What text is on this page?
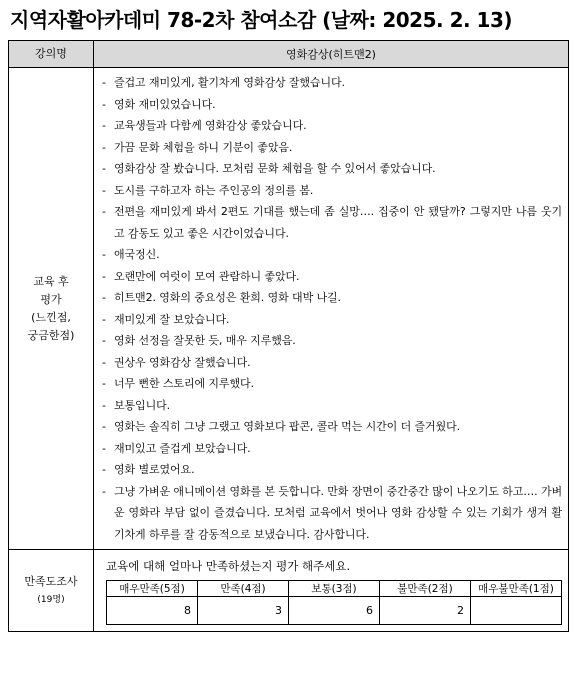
지역자활아카데미 78-2차 참여소감 (날짜: 2025. 2. 13)
강의명	영화감상(히트맨2)

교육 후
평가
(느낀점,
궁금한점)

- 즐겁고 재미있게, 활기차게 영화감상 잘했습니다.
- 영화 재미있었습니다.
- 교육생들과 다함께 영화감상 좋았습니다.
- 가끔 문화 체험을 하니 기분이 좋았음.
- 영화감상 잘 봤습니다. 모처럼 문화 체험을 할 수 있어서 좋았습니다.
- 도시를 구하고자 하는 주인공의 정의를 봄.
- 전편을 재미있게 봐서 2편도 기대를 했는데 좀 실망…. 집중이 안 됐달까? 그렇지만 나름 웃기고 감동도 있고 좋은 시간이었습니다.
- 애국정신.
- 오랜만에 여럿이 모여 관람하니 좋았다.
- 히트맨2. 영화의 중요성은 환희. 영화 대박 나길.
- 재미있게 잘 보았습니다.
- 영화 선정을 잘못한 듯, 매우 지루했음.
- 권상우 영화감상 잘했습니다.
- 너무 뻔한 스토리에 지루했다.
- 보통입니다.
- 영화는 솔직히 그냥 그랬고 영화보다 팝콘, 콜라 먹는 시간이 더 즐거웠다.
- 재미있고 즐겁게 보았습니다.
- 영화 별로였어요.
- 그냥 가벼운 애니메이션 영화를 본 듯합니다. 만화 장면이 중간중간 많이 나오기도 하고…. 가벼운 영화라 부담 없이 즐겼습니다. 모처럼 교육에서 벗어나 영화 감상할 수 있는 기회가 생겨 활기차게 하루를 잘 감동적으로 보냈습니다. 감사합니다.

만족도조사
(19명)

교육에 대해 얼마나 만족하셨는지 평가 해주세요.
매우만족(5점)	만족(4점)	보통(3점)	불만족(2점)	매우불만족(1점)
8	3	6	2	
